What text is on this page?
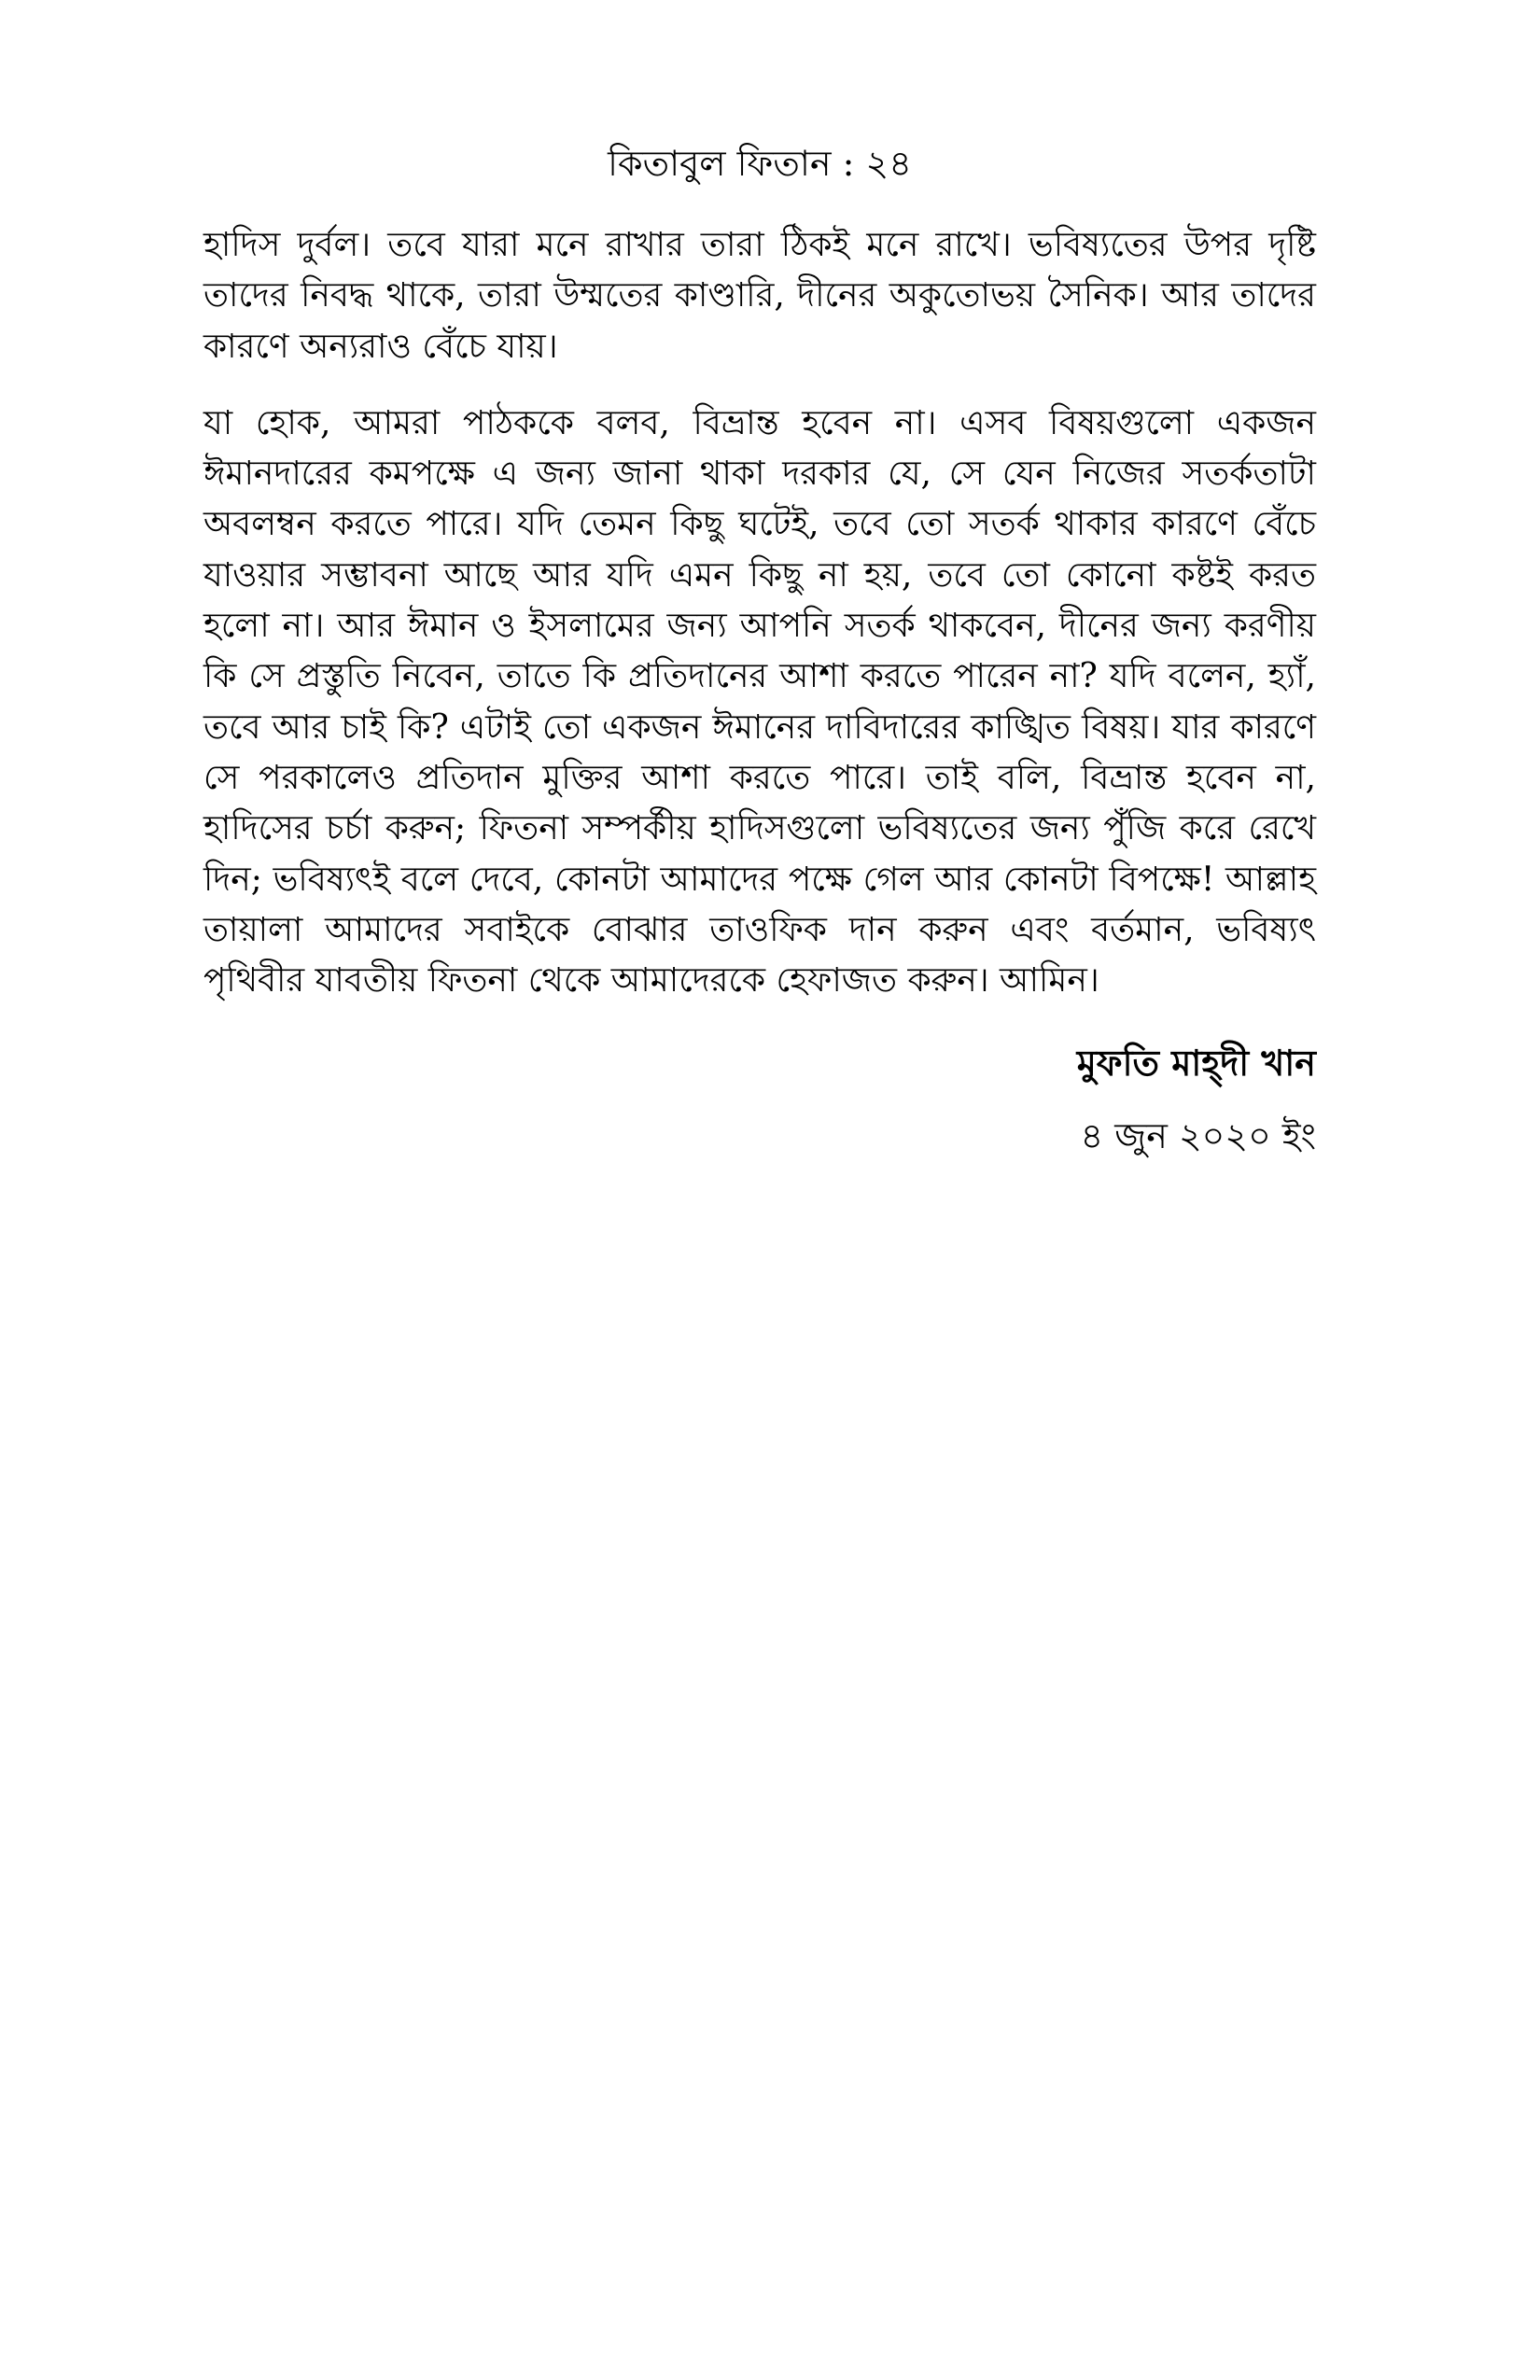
কিতাবুল ফিতান : ২৪

হাদিস দুর্বল। তবে যারা মনে রাখার তারা ঠিকই মনে রাখে। ভবিষ্যতের উপর দৃষ্টি তাদের নিবদ্ধ থাকে, তারা উম্মতের কাণ্ডারি, দীনের অকুতোভয় সৈনিক। আর তাদের কারণে অন্যরাও বেঁচে যায়।

যা হোক, আমরা পাঠককে বলব, বিভ্রান্ত হবেন না। এসব বিষয়গুলো একজন ঈমানদারের কমপক্ষে এ জন্য জানা থাকা দরকার যে, সে যেন নিজের সতর্কতাটা অবলম্বন করতে পারে। যদি তেমন কিছু ঘটেই, তবে তো সতর্ক থাকার কারণে বেঁচে যাওয়ার সম্ভাবনা আছে আর যদি এমন কিছু না হয়, তবে তো কোনো কষ্টই করত হলো না। আর ঈমান ও ইসলামের জন্য আপনি সতর্ক থাকবেন, দীনের জন্য করণীয় কি সে প্রস্তুতি নিবেন, তাতে কি প্রতিদানের আশা করতে পারেন না? যদি বলেন, হ্যাঁ, তবে আর চাই কি? এটাই তো একজন ঈমানের দাবিদারের কাঙ্খিত বিষয়। যার কারণে সে পরকালেও প্রতিদান মুক্তির আশা করতে পারে। তাই বলি, বিভ্রান্ত হবেন না, হাদিসের চর্চা করুন; ফিতনা সম্পর্কীয় হাদিসগুলো ভবিষ্যতের জন্য পুঁজি করে রেখে দিন; ভবিষ্যৎই বলে দেবে, কোনটা আমাদের পক্ষে গেল আর কোনটা বিপক্ষে! আল্লাহ তায়ালা আমাদের সবাইকে বোঝার তাওফিক দান করুন এবং বর্তমান, ভবিষ্যৎ পৃথিবীর যাবতীয় ফিতনা থেকে আমাদেরকে হেফাজত করুন। আমিন।

মুফতি মাহ্‌দী খান
৪ জুন ২০২০ ইং
